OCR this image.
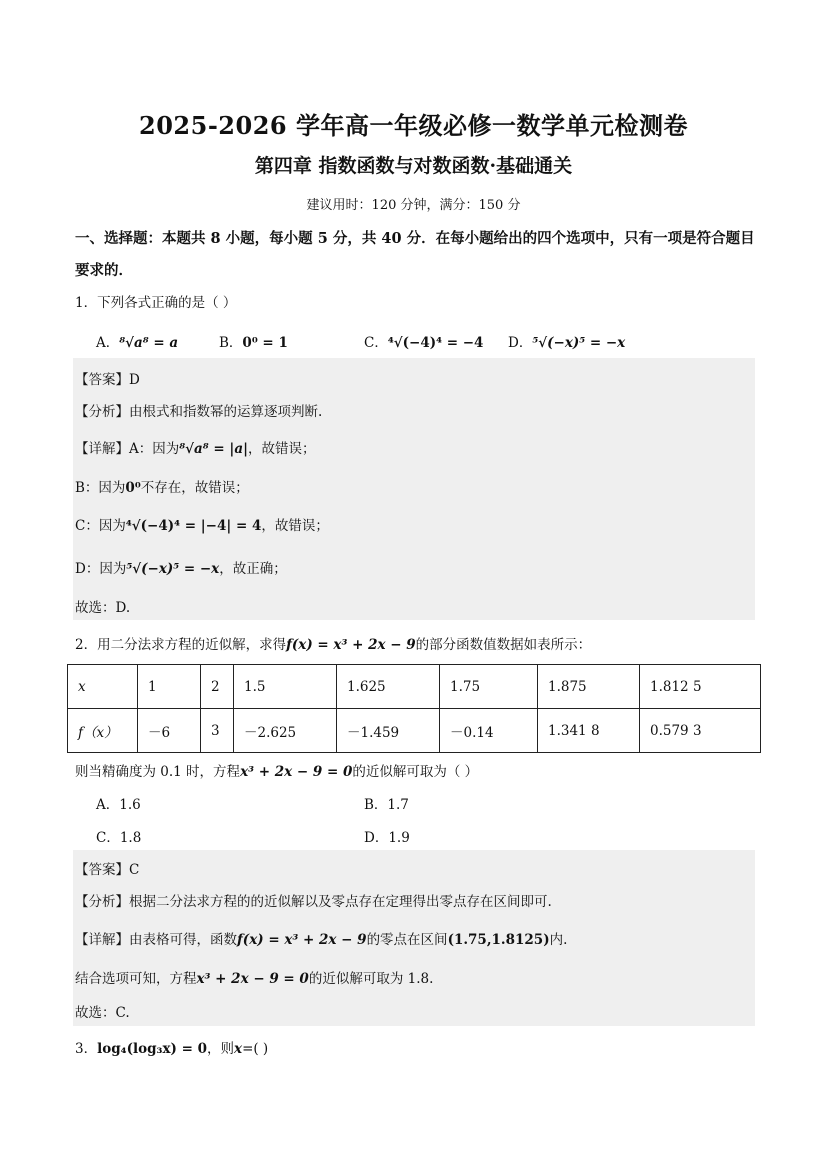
2025-2026 学年高一年级必修一数学单元检测卷
第四章 指数函数与对数函数·基础通关
建议用时：120 分钟，满分：150 分
一、选择题：本题共 8 小题，每小题 5 分，共 40 分．在每小题给出的四个选项中，只有一项是符合题目要求的．
1．下列各式正确的是（ ）
A．⁸√a⁸ = a	B．0⁰ = 1	C．⁴√(−4)⁴ = −4 D．⁵√(−x)⁵ = −x
【答案】D
【分析】由根式和指数幂的运算逐项判断.
【详解】A：因为⁸√a⁸ = |a|，故错误；
B：因为0⁰不存在，故错误；
C：因为⁴√(−4)⁴ = |−4| = 4，故错误；
D：因为⁵√(−x)⁵ = −x，故正确；
故选：D.
2．用二分法求方程的近似解，求得f(x) = x³ + 2x − 9的部分函数值数据如表所示：
x	1	2	1.5	1.625	1.75	1.875	1.812 5
f（x）	－6	3	－2.625	－1.459	－0.14	1.341 8	0.579 3
则当精确度为 0.1 时，方程x³ + 2x − 9 = 0的近似解可取为（ ）
A．1.6	B．1.7
C．1.8	D．1.9
【答案】C
【分析】根据二分法求方程的的近似解以及零点存在定理得出零点存在区间即可.
【详解】由表格可得，函数f(x) = x³ + 2x − 9的零点在区间(1.75,1.8125)内.
结合选项可知，方程x³ + 2x − 9 = 0的近似解可取为 1.8.
故选：C.
3．log₄(log₃x) = 0，则x=( )
